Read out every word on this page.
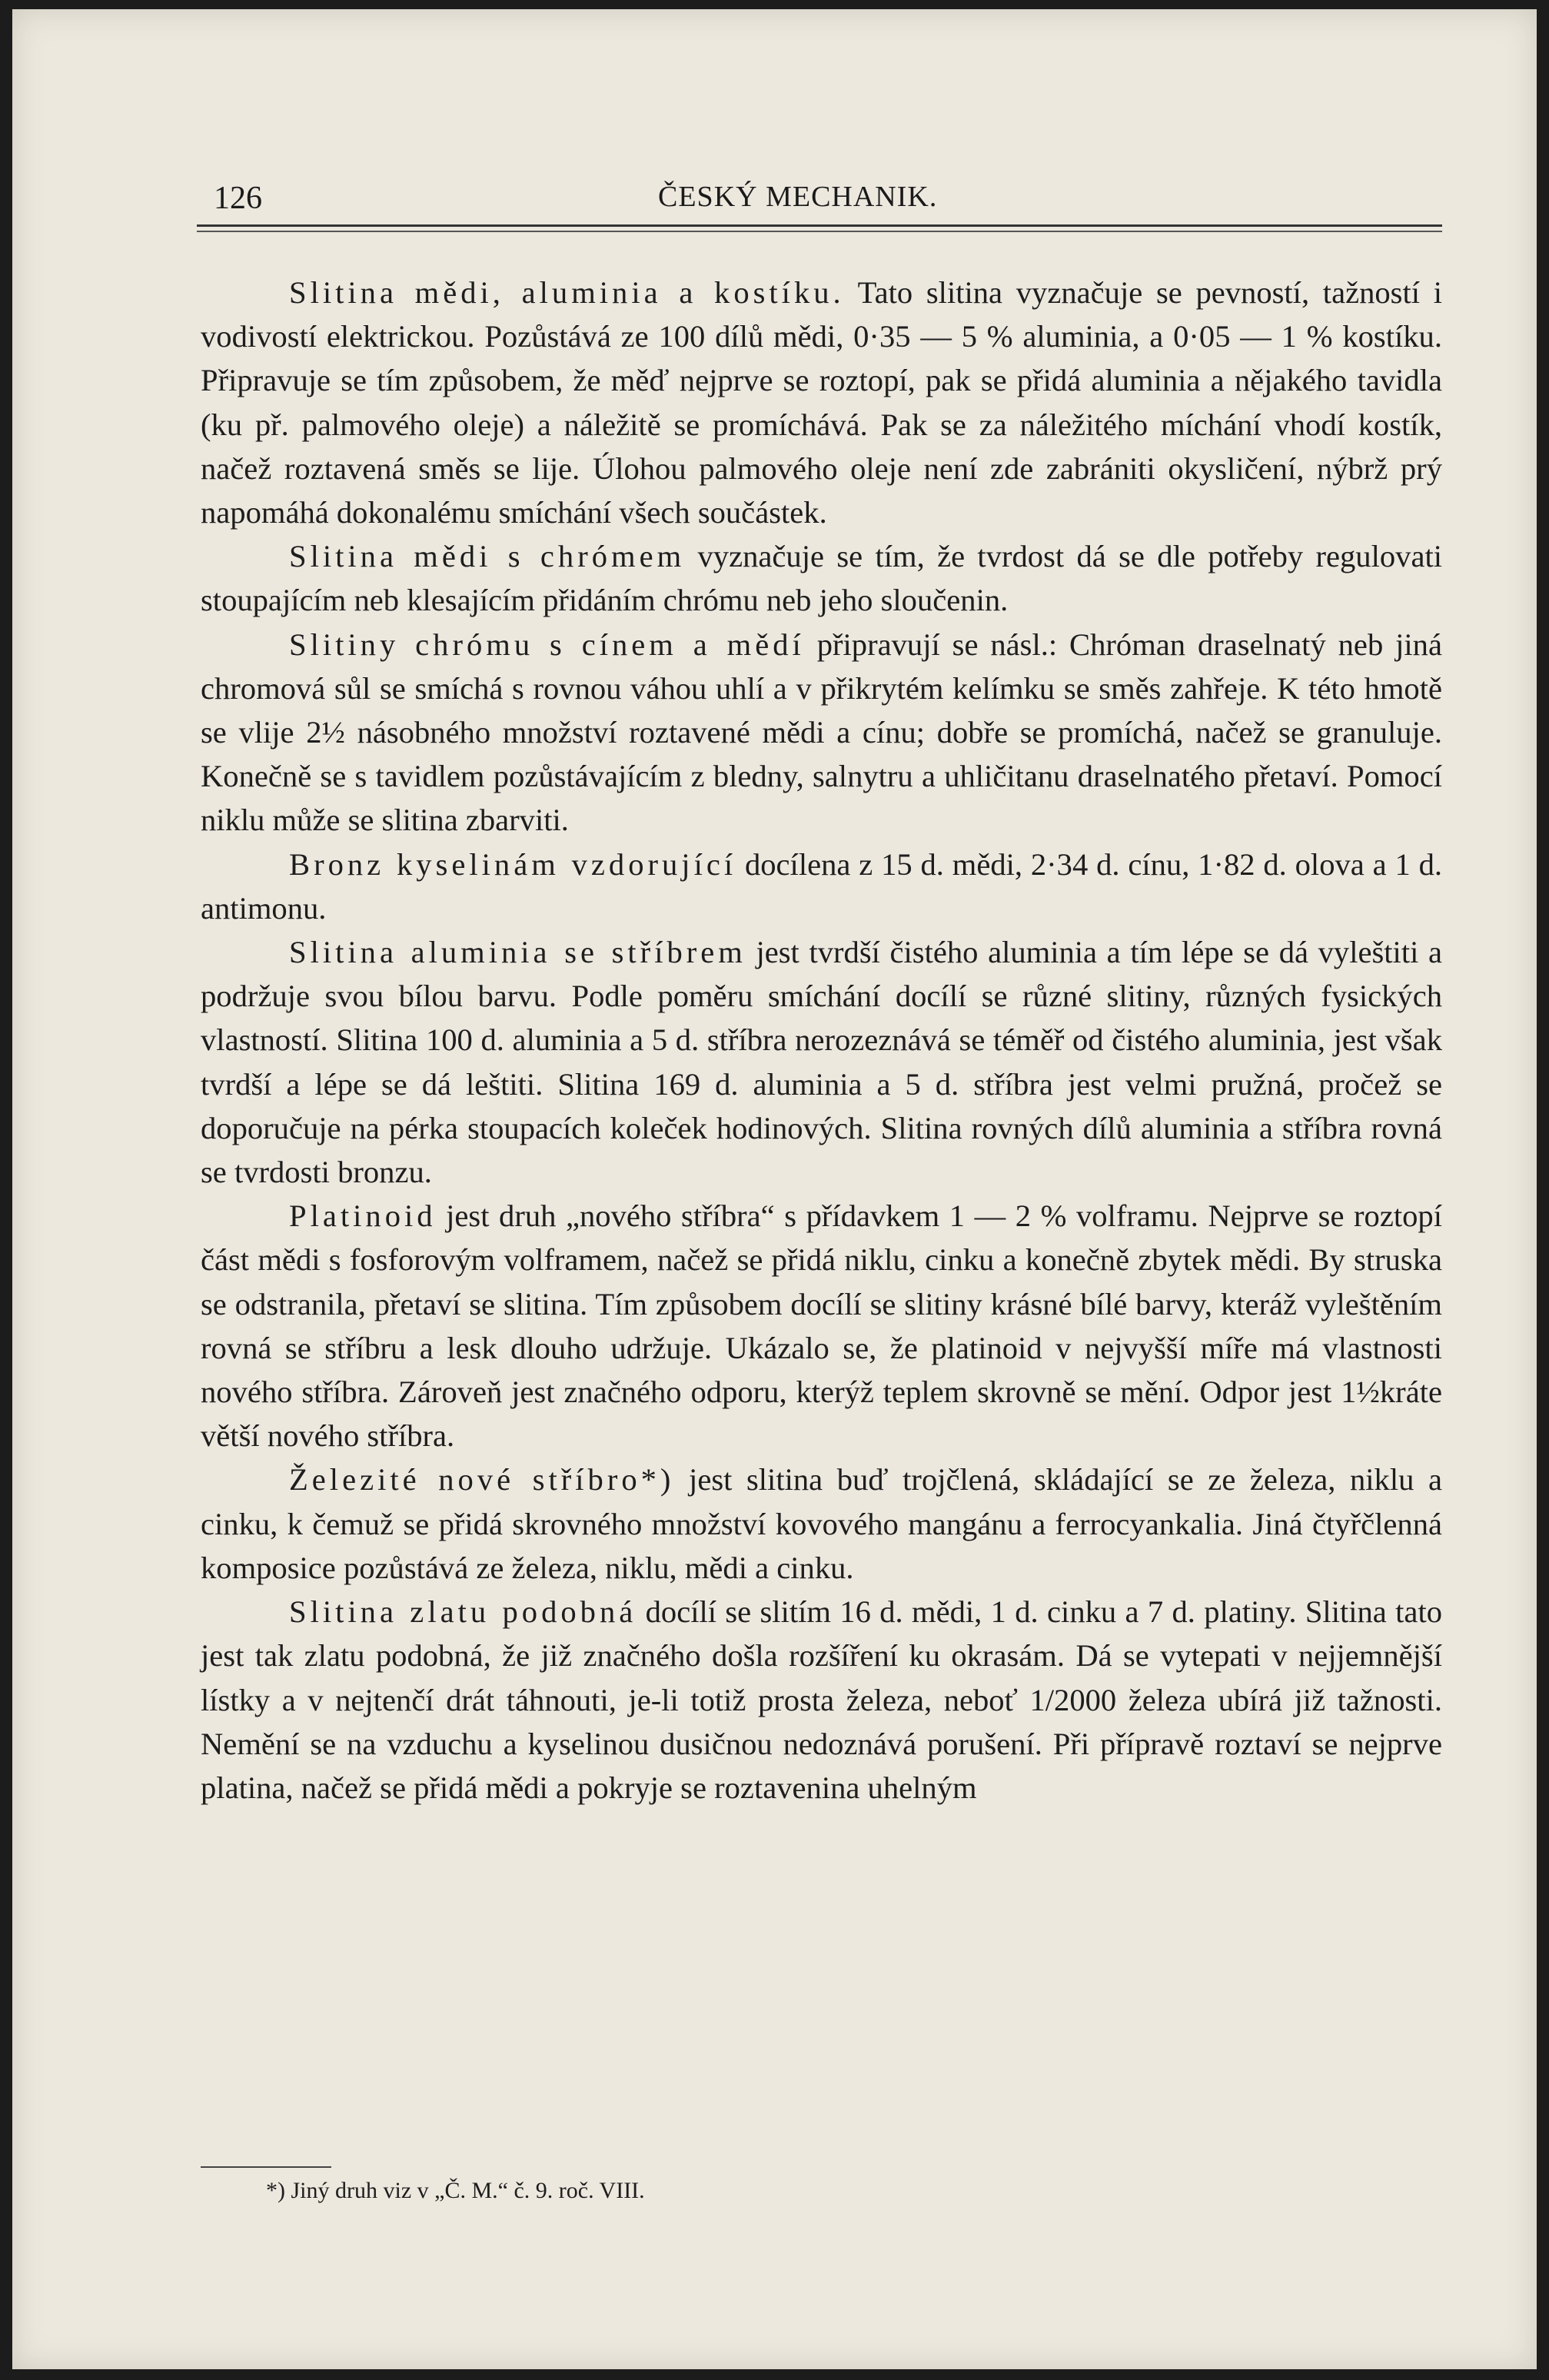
126	ČESKÝ MECHANIK.

Slitina mědi, aluminia a kostíku. Tato slitina vyznačuje se pevností, tažností i vodivostí elektrickou. Pozůstává ze 100 dílů mědi, 0·35 — 5 % aluminia, a 0·05 — 1 % kostíku. Připravuje se tím způsobem, že měď nejprve se roztopí, pak se přidá aluminia a nějakého tavidla (ku př. palmového oleje) a náležitě se promíchává. Pak se za náležitého míchání vhodí kostík, načež roztavená směs se lije. Úlohou palmového oleje není zde zabrániti okysličení, nýbrž prý napomáhá dokonalému smíchání všech součástek.

Slitina mědi s chrómem vyznačuje se tím, že tvrdost dá se dle potřeby regulovati stoupajícím neb klesajícím přidáním chrómu neb jeho sloučenin.

Slitiny chrómu s cínem a mědí připravují se násl.: Chróman draselnatý neb jiná chromová sůl se smíchá s rovnou váhou uhlí a v přikrytém kelímku se směs zahřeje. K této hmotě se vlije 2½ násobného množství roztavené mědi a cínu; dobře se promíchá, načež se granuluje. Konečně se s tavidlem pozůstávajícím z bledny, salnytru a uhličitanu draselnatého přetaví. Pomocí niklu může se slitina zbarviti.

Bronz kyselinám vzdorující docílena z 15 d. mědi, 2·34 d. cínu, 1·82 d. olova a 1 d. antimonu.

Slitina aluminia se stříbrem jest tvrdší čistého aluminia a tím lépe se dá vyleštiti a podržuje svou bílou barvu. Podle poměru smíchání docílí se různé slitiny, různých fysických vlastností. Slitina 100 d. aluminia a 5 d. stříbra nerozeznává se téměř od čistého aluminia, jest však tvrdší a lépe se dá leštiti. Slitina 169 d. aluminia a 5 d. stříbra jest velmi pružná, pročež se doporučuje na pérka stoupacích koleček hodinových. Slitina rovných dílů aluminia a stříbra rovná se tvrdosti bronzu.

Platinoid jest druh „nového stříbra“ s přídavkem 1 — 2 % volframu. Nejprve se roztopí část mědi s fosforovým volframem, načež se přidá niklu, cinku a konečně zbytek mědi. By struska se odstranila, přetaví se slitina. Tím způsobem docílí se slitiny krásné bílé barvy, kteráž vyleštěním rovná se stříbru a lesk dlouho udržuje. Ukázalo se, že platinoid v nejvyšší míře má vlastnosti nového stříbra. Zároveň jest značného odporu, kterýž teplem skrovně se mění. Odpor jest 1½kráte větší nového stříbra.

Železité nové stříbro*) jest slitina buď trojčlená, skládající se ze železa, niklu a cinku, k čemuž se přidá skrovného množství kovového mangánu a ferrocyankalia. Jiná čtyřčlenná komposice pozůstává ze železa, niklu, mědi a cinku.

Slitina zlatu podobná docílí se slitím 16 d. mědi, 1 d. cinku a 7 d. platiny. Slitina tato jest tak zlatu podobná, že již značného došla rozšíření ku okrasám. Dá se vytepati v nejjemnější lístky a v nejtenčí drát táhnouti, je-li totiž prosta železa, neboť 1/2000 železa ubírá již tažnosti. Nemění se na vzduchu a kyselinou dusičnou nedoznává porušení. Při přípravě roztaví se nejprve platina, načež se přidá mědi a pokryje se roztavenina uhelným

*) Jiný druh viz v „Č. M.“ č. 9. roč. VIII.
